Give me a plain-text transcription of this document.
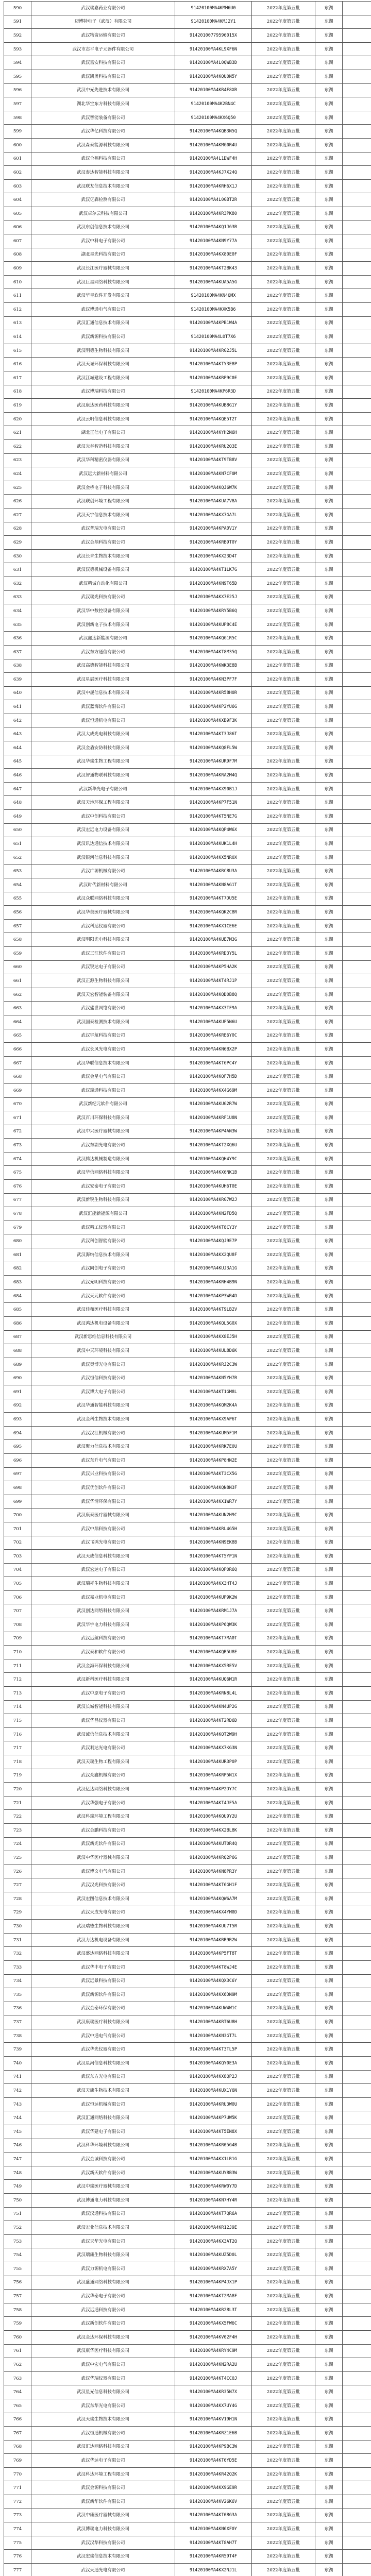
590	武汉瑞嘉药业有限公司	91420100MA4KMM6U0	2022年度第五批	东湖	
591	迈博特电子（武汉）有限公司	91420100MA4KMJ2Y1	2022年度第五批	东湖	
592	武汉物资运输有限公司	91420100779596015X	2022年度第五批	东湖	
593	武汉市志平电子元器件有限公司	91420100MA4KL9XF6N	2022年度第五批	东湖	
594	武汉富安科技有限公司	91420100MA4L0QWB3D	2022年度第五批	东湖	
595	武汉凯奥科技有限公司	91420100MA4KQU0N5Y	2022年度第五批	东湖	
596	武汉中光先进技术有限公司	91420100MA4KR4F8XR	2022年度第五批	东湖	
597	湖北华宝东方科技有限公司	91420100MA4K2BN4C	2022年度第五批	东湖	
598	武汉智能装备有限公司	91420100MA4KX6Q50	2022年度第五批	东湖	
599	武汉华亿科技有限公司	91420100MA4KQB3N5Q	2022年度第五批	东湖	
600	武汉森泰能源科技有限公司	91420100MA4KMG0R4U	2022年度第五批	东湖	
601	武汉全福科技有限公司	91420100MA4L1DWF4H	2022年度第五批	东湖	
602	武汉泰达智能科技有限公司	91420100MA4KJ7X24Q	2022年度第五批	东湖	
603	武汉联友信息技术有限公司	91420100MA4KRH6X1J	2022年度第五批	东湖	
604	武汉亿森检测有限公司	91420100MA4L0GBT2R	2022年度第五批	东湖	
605	武汉卓尔云科技有限公司	91420100MA4KR3PK80	2022年度第五批	东湖	
606	武汉东创信息技术有限公司	91420100MA4KQ1J63R	2022年度第五批	东湖	
607	武汉中科电子有限公司	91420100MA4KN9Y77A	2022年度第五批	东湖	
608	湖北星光科技有限公司	91420100MA4KX80E0F	2022年度第五批	东湖	
609	武汉长江医疗器械有限公司	91420100MA4KT2BK43	2022年度第五批	东湖	
610	武汉巨星网络科技有限公司	91420100MA4KUA5A5G	2022年度第五批	东湖	
611	武汉华星软件开发有限公司	91420100MA4KN4QMX	2022年度第五批	东湖	
612	武汉博通电气有限公司	91420100MA4KXK5B6	2022年度第五批	东湖	
613	武汉汇通信息技术有限公司	91420100MA4KPB1W4A	2022年度第五批	东湖	
614	武汉新源科技有限公司	91420100MA4L0T7X6	2022年度第五批	东湖	
615	武汉明德生物科技有限公司	91420100MA4KRG2J5L	2022年度第五批	东湖	
616	武汉天诚环保科技有限公司	91420100MA4KTY3E8P	2022年度第五批	东湖	
617	武汉江城建设工程有限公司	91420100MA4KRP9C0E	2022年度第五批	东湖	
618	武汉博瑞科技有限公司	91420100MA4KP6R3D	2022年度第五批	东湖	
619	武汉康达医药科技有限公司	91420100MA4KUB8G1Y	2022年度第五批	东湖	
620	武汉云帆信息科技有限公司	91420100MA4KQE5T2T	2022年度第五批	东湖	
621	湖北正信电子有限公司	91420100MA4KYH2N6H	2022年度第五批	东湖	
622	武汉光谷智造科技有限公司	91420100MA4KRU2Q3E	2022年度第五批	东湖	
623	武汉华科精密仪器有限公司	91420100MA4KT9TB8V	2022年度第五批	东湖	
624	武汉远大新材料有限公司	91420100MA4KN7CF0M	2022年度第五批	东湖	
625	武汉金桥电子科技有限公司	91420100MA4KQJ6W7K	2022年度第五批	东湖	
626	武汉联创环境工程有限公司	91420100MA4KUA7V8A	2022年度第五批	东湖	
627	武汉天宇信息技术有限公司	91420100MA4KX7GA7L	2022年度第五批	东湖	
628	武汉普瑞光电有限公司	91420100MA4KPA0V1Y	2022年度第五批	东湖	
629	武汉金鼎科技有限公司	91420100MA4KRB9T0Y	2022年度第五批	东湖	
630	武汉长青生物技术有限公司	91420100MA4KX23D4T	2022年度第五批	东湖	
631	武汉汉德机械设备有限公司	91420100MA4KT1LK7G	2022年度第五批	东湖	
632	武汉精诚自动化有限公司	91420100MA4KN9T65D	2022年度第五批	东湖	
633	武汉瑞光科技有限公司	91420100MA4KX7E25J	2022年度第五批	东湖	
634	武汉华中数控设备有限公司	91420100MA4KRY5B6Q	2022年度第五批	东湖	
635	武汉创新电子技术有限公司	91420100MA4KUP8C4E	2022年度第五批	东湖	
636	武汉鑫达新能源有限公司	91420100MA4KQG1R5C	2022年度第五批	东湖	
637	武汉东方通信有限公司	91420100MA4KT8M35Q	2022年度第五批	东湖	
638	武汉高德智能科技有限公司	91420100MA4KWK3E8B	2022年度第五批	东湖	
639	武汉星辰医疗科技有限公司	91420100MA4KN3PF7F	2022年度第五批	东湖	
640	武汉中晟信息技术有限公司	91420100MA4KR58H0R	2022年度第五批	东湖	
641	武汉蓝海软件有限公司	91420100MA4KP2YU6G	2022年度第五批	东湖	
642	武汉恒通机电有限公司	91420100MA4KXB9F3K	2022年度第五批	东湖	
643	武汉大成光电科技有限公司	91420100MA4KT3J86T	2022年度第五批	东湖	
644	武汉金盾安防科技有限公司	91420100MA4KQ8FL5W	2022年度第五批	东湖	
645	武汉华瑞生物工程有限公司	91420100MA4KUR9F7M	2022年度第五批	东湖	
646	武汉智通物联科技有限公司	91420100MA4KRA2M4Q	2022年度第五批	东湖	
647	武汉新华光电子有限公司	91420100MA4KX90B1J	2022年度第五批	东湖	
648	武汉天地环保工程有限公司	91420100MA4KP7F51N	2022年度第五批	东湖	
649	武汉中创科技有限公司	91420100MA4KT5NE7G	2022年度第五批	东湖	
650	武汉宏远电力设备有限公司	91420100MA4KQP4W6X	2022年度第五批	东湖	
651	武汉讯达通信技术有限公司	91420100MA4KUK1L4H	2022年度第五批	东湖	
652	武汉银河信息科技有限公司	91420100MA4KX5NR0X	2022年度第五批	东湖	
653	武汉广源机械有限公司	91420100MA4KRC8U3A	2022年度第五批	东湖	
654	武汉时代新材料有限公司	91420100MA4KN8AG1T	2022年度第五批	东湖	
655	武汉众联网络科技有限公司	91420100MA4KT7DU5E	2022年度第五批	东湖	
656	武汉华美医疗器械有限公司	91420100MA4KQK2C8R	2022年度第五批	东湖	
657	武汉科达仪器有限公司	91420100MA4KX1CE6E	2022年度第五批	东湖	
658	武汉明阳光电科技有限公司	91420100MA4KUE7M3G	2022年度第五批	东湖	
659	武汉三江软件有限公司	91420100MA4KRD3Y5L	2022年度第五批	东湖	
660	武汉锐达电子有限公司	91420100MA4KP5HA2K	2022年度第五批	东湖	
661	武汉正源生物科技有限公司	91420100MA4KT4RJ1P	2022年度第五批	东湖	
662	武汉天宏智能装备有限公司	91420100MA4KQD0B8Q	2022年度第五批	东湖	
663	武汉盛世网络有限公司	91420100MA4KX3TF9A	2022年度第五批	东湖	
664	武汉国泰检测技术有限公司	91420100MA4KUF5N6U	2022年度第五批	东湖	
665	武汉宇航科技有限公司	91420100MA4KRE6Y0C	2022年度第五批	东湖	
666	武汉长风光电有限公司	91420100MA4KN6BX2P	2022年度第五批	东湖	
667	武汉华联信息技术有限公司	91420100MA4KT6PC4Y	2022年度第五批	东湖	
668	武汉金星电气有限公司	91420100MA4KQF7H5D	2022年度第五批	东湖	
669	武汉瑞通科技有限公司	91420100MA4KX4G69M	2022年度第五批	东湖	
670	武汉新纪元软件有限公司	91420100MA4KUG2R7W	2022年度第五批	东湖	
671	武汉百川环保科技有限公司	91420100MA4KRF1U8N	2022年度第五批	东湖	
672	武汉中兴医疗器械有限公司	91420100MA4KP4AN3W	2022年度第五批	东湖	
673	武汉东湖光电有限公司	91420100MA4KT2XQ6U	2022年度第五批	东湖	
674	武汉腾达机械制造有限公司	91420100MA4KQH4Y9C	2022年度第五批	东湖	
675	武汉华信网络科技有限公司	91420100MA4KX6NK1B	2022年度第五批	东湖	
676	武汉安泰电子有限公司	91420100MA4KUH6T0E	2022年度第五批	东湖	
677	武汉新锐生物科技有限公司	91420100MA4KRG7W2J	2022年度第五批	东湖	
678	武汉汇能新能源有限公司	91420100MA4KN2FD5Q	2022年度第五批	东湖	
679	武汉精工仪器有限公司	91420100MA4KT8CY3Y	2022年度第五批	东湖	
680	武汉科创智能有限公司	91420100MA4KQJ9E7P	2022年度第五批	东湖	
681	武汉海纳信息技术有限公司	91420100MA4KX2QU8F	2022年度第五批	东湖	
682	武汉同创电子有限公司	91420100MA4KUJ3A1G	2022年度第五批	东湖	
683	武汉光明科技有限公司	91420100MA4KRH4B9N	2022年度第五批	东湖	
684	武汉天元软件有限公司	91420100MA4KP3WR4D	2022年度第五批	东湖	
685	武汉佳和医疗科技有限公司	91420100MA4KT9LB2V	2022年度第五批	东湖	
686	武汉鸿达机电设备有限公司	91420100MA4KQL5G0X	2022年度第五批	东湖	
687	武汉新思维信息科技有限公司	91420100MA4KX8EJ5H	2022年度第五批	东湖	
688	武汉中天环境科技有限公司	91420100MA4KUL8D6K	2022年度第五批	东湖	
689	武汉奥博光电有限公司	91420100MA4KRJ2C3W	2022年度第五批	东湖	
690	武汉恒信科技有限公司	91420100MA4KN5YH7R	2022年度第五批	东湖	
691	武汉博大电子有限公司	91420100MA4KT1GM8L	2022年度第五批	东湖	
692	武汉华通智能科技有限公司	91420100MA4KQM2K4A	2022年度第五批	东湖	
693	武汉金科生物技术有限公司	91420100MA4KX9AP6T	2022年度第五批	东湖	
694	武汉汉江机械有限公司	91420100MA4KUM5F1M	2022年度第五批	东湖	
695	武汉聚力信息技术有限公司	91420100MA4KRK7E0U	2022年度第五批	东湖	
696	武汉东升电气有限公司	91420100MA4KP8HN2E	2022年度第五批	东湖	
697	武汉兴业科技有限公司	91420100MA4KT3CX5G	2022年度第五批	东湖	
698	武汉优创软件有限公司	91420100MA4KQN8N3F	2022年度第五批	东湖	
699	武汉华清环保有限公司	91420100MA4KX1WR7Y	2022年度第五批	东湖	
700	武汉康泰医疗器械有限公司	91420100MA4KUN2H9C	2022年度第五批	东湖	
701	武汉中鼎科技有限公司	91420100MA4KRL4G5H	2022年度第五批	东湖	
702	武汉飞鸿光电有限公司	91420100MA4KN9EK8B	2022年度第五批	东湖	
703	武汉天成信息科技有限公司	91420100MA4KT5YP1N	2022年度第五批	东湖	
704	武汉宏达电子有限公司	91420100MA4KQP0R6Q	2022年度第五批	东湖	
705	武汉瑞祥生物科技有限公司	91420100MA4KX3HT4J	2022年度第五批	东湖	
706	武汉嘉业机电有限公司	91420100MA4KUP9K2W	2022年度第五批	东湖	
707	武汉创达网络科技有限公司	91420100MA4KRM1J7A	2022年度第五批	东湖	
708	武汉华宇电力科技有限公司	91420100MA4KP6QW3K	2022年度第五批	东湖	
709	武汉远航科技有限公司	91420100MA4KT7MA0T	2022年度第五批	东湖	
710	武汉泰和软件有限公司	91420100MA4KQR5U8E	2022年度第五批	东湖	
711	武汉金海环保科技有限公司	91420100MA4KX5RE5V	2022年度第五批	东湖	
712	武汉新科医疗科技有限公司	91420100MA4KUQ6M1R	2022年度第五批	东湖	
713	武汉中原电子有限公司	91420100MA4KRN8L4L	2022年度第五批	东湖	
714	武汉长城智能科技有限公司	91420100MA4KN4UP2G	2022年度第五批	东湖	
715	武汉华昌仪器有限公司	91420100MA4KT2RD6D	2022年度第五批	东湖	
716	武汉诚信信息技术有限公司	91420100MA4KQT2W9H	2022年度第五批	东湖	
717	武汉利达光电有限公司	91420100MA4KX7KG3N	2022年度第五批	东湖	
718	武汉天瑞生物工程有限公司	91420100MA4KUR3P0P	2022年度第五批	东湖	
719	武汉众鑫机械有限公司	91420100MA4KRP5N1X	2022年度第五批	东湖	
720	武汉亿达网络科技有限公司	91420100MA4KP2DY7C	2022年度第五批	东湖	
721	武汉华强电子有限公司	91420100MA4KT4JF5A	2022年度第五批	东湖	
722	武汉科瑞环境工程有限公司	91420100MA4KQU9Y2U	2022年度第五批	东湖	
723	武汉金鹏科技有限公司	91420100MA4KX2BL8K	2022年度第五批	东湖	
724	武汉新光软件有限公司	91420100MA4KUT0R4Q	2022年度第五批	东湖	
725	武汉中华医疗器械有限公司	91420100MA4KRQ2P6G	2022年度第五批	东湖	
726	武汉博文电气有限公司	91420100MA4KN8PR3Y	2022年度第五批	东湖	
727	武汉汉光科技有限公司	91420100MA4KT6GH1F	2022年度第五批	东湖	
728	武汉宏图信息技术有限公司	91420100MA4KQW6A7M	2022年度第五批	东湖	
729	武汉天成光电有限公司	91420100MA4KX4YM0D	2022年度第五批	东湖	
730	武汉瑞德生物科技有限公司	91420100MA4KUU7T5R	2022年度第五批	东湖	
731	武汉力达机电设备有限公司	91420100MA4KRR9R2W	2022年度第五批	东湖	
732	武汉盛达网络科技有限公司	91420100MA4KP5FT8T	2022年度第五批	东湖	
733	武汉华丰电子有限公司	91420100MA4KT8WJ4E	2022年度第五批	东湖	
734	武汉远景科技有限公司	91420100MA4KQX3C6Y	2022年度第五批	东湖	
735	武汉新源软件有限公司	91420100MA4KX6DN9M	2022年度第五批	东湖	
736	武汉金泰环保有限公司	91420100MA4KUW4W1C	2022年度第五批	东湖	
737	武汉康瑞医疗科技有限公司	91420100MA4KRT6U8H	2022年度第五批	东湖	
738	武汉中通电气有限公司	91420100MA4KN3GT7L	2022年度第五批	东湖	
739	武汉华光仪器有限公司	91420100MA4KT3TL5P	2022年度第五批	东湖	
740	武汉星河信息科技有限公司	91420100MA4KQY0E3A	2022年度第五批	东湖	
741	武汉东方光电有限公司	91420100MA4KX8QP2J	2022年度第五批	东湖	
742	武汉天康生物技术有限公司	91420100MA4KUX1Y6N	2022年度第五批	东湖	
743	武汉恒达机械有限公司	91420100MA4KRU3W0U	2022年度第五批	东湖	
744	武汉汇通网络科技有限公司	91420100MA4KP7UW5K	2022年度第五批	东湖	
745	武汉华建电子有限公司	91420100MA4KT5EN8X	2022年度第五批	东湖	
746	武汉科华环境科技有限公司	91420100MA4KR05G4B	2022年度第五批	东湖	
747	武汉金诚科技有限公司	91420100MA4KX1LR1G	2022年度第五批	东湖	
748	武汉新天软件有限公司	91420100MA4KUY8B3W	2022年度第五批	东湖	
749	武汉中瑞医疗器械有限公司	91420100MA4KRW0Y7D	2022年度第五批	东湖	
750	武汉博通电力科技有限公司	91420100MA4KN7HY4R	2022年度第五批	东湖	
751	武汉汉通科技有限公司	91420100MA4KT7QR6A	2022年度第五批	东湖	
752	武汉宏业信息技术有限公司	91420100MA4KR12J9E	2022年度第五批	东湖	
753	武汉天华光电有限公司	91420100MA4KX3AT2Q	2022年度第五批	东湖	
754	武汉瑞康生物科技有限公司	91420100MA4KUZ5D0L	2022年度第五批	东湖	
755	武汉力源机电有限公司	91420100MA4KRX7A5Y	2022年度第五批	东湖	
756	武汉盛通网络科技有限公司	91420100MA4KP4JX1P	2022年度第五批	东湖	
757	武汉华泰电子有限公司	91420100MA4KT2MA8F	2022年度第五批	东湖	
758	武汉远通科技有限公司	91420100MA4KR28L3T	2022年度第五批	东湖	
759	武汉新创软件有限公司	91420100MA4KX5FW6C	2022年度第五批	东湖	
760	武汉金达环保科技有限公司	91420100MA4KV02F4H	2022年度第五批	东湖	
761	武汉康华医疗科技有限公司	91420100MA4KRY4C9M	2022年度第五批	东湖	
762	武汉中宏电气有限公司	91420100MA4KN2RA2U	2022年度第五批	东湖	
763	武汉华瑞仪器有限公司	91420100MA4KT4CC0J	2022年度第五批	东湖	
764	武汉星光信息科技有限公司	91420100MA4KR35N7X	2022年度第五批	东湖	
765	武汉东华光电有限公司	91420100MA4KX7UY4G	2022年度第五批	东湖	
766	武汉天瑞生物技术有限公司	91420100MA4KV19H1N	2022年度第五批	东湖	
767	武汉恒通机械有限公司	91420100MA4KRZ1E6B	2022年度第五批	东湖	
768	武汉汇达网络科技有限公司	91420100MA4KP9BC3W	2022年度第五批	东湖	
769	武汉华达电子有限公司	91420100MA4KT6YD5E	2022年度第五批	东湖	
770	武汉科达环境工程有限公司	91420100MA4KR42Q2K	2022年度第五批	东湖	
771	武汉金源科技有限公司	91420100MA4KX9GE9R	2022年度第五批	东湖	
772	武汉新华软件有限公司	91420100MA4KV26K6V	2022年度第五批	东湖	
773	武汉中康医疗器械有限公司	91420100MA4KT08G3A	2022年度第五批	东湖	
774	武汉博瑞电力科技有限公司	91420100MA4KN6XF0Y	2022年度第五批	东湖	
775	武汉汉华科技有限公司	91420100MA4KT8AH7T	2022年度第五批	东湖	
776	武汉宏瑞信息技术有限公司	91420100MA4KR59T4F	2022年度第五批	东湖	
777	武汉天通光电有限公司	91420100MA4KX2NJ1L	2022年度第五批	东湖	
